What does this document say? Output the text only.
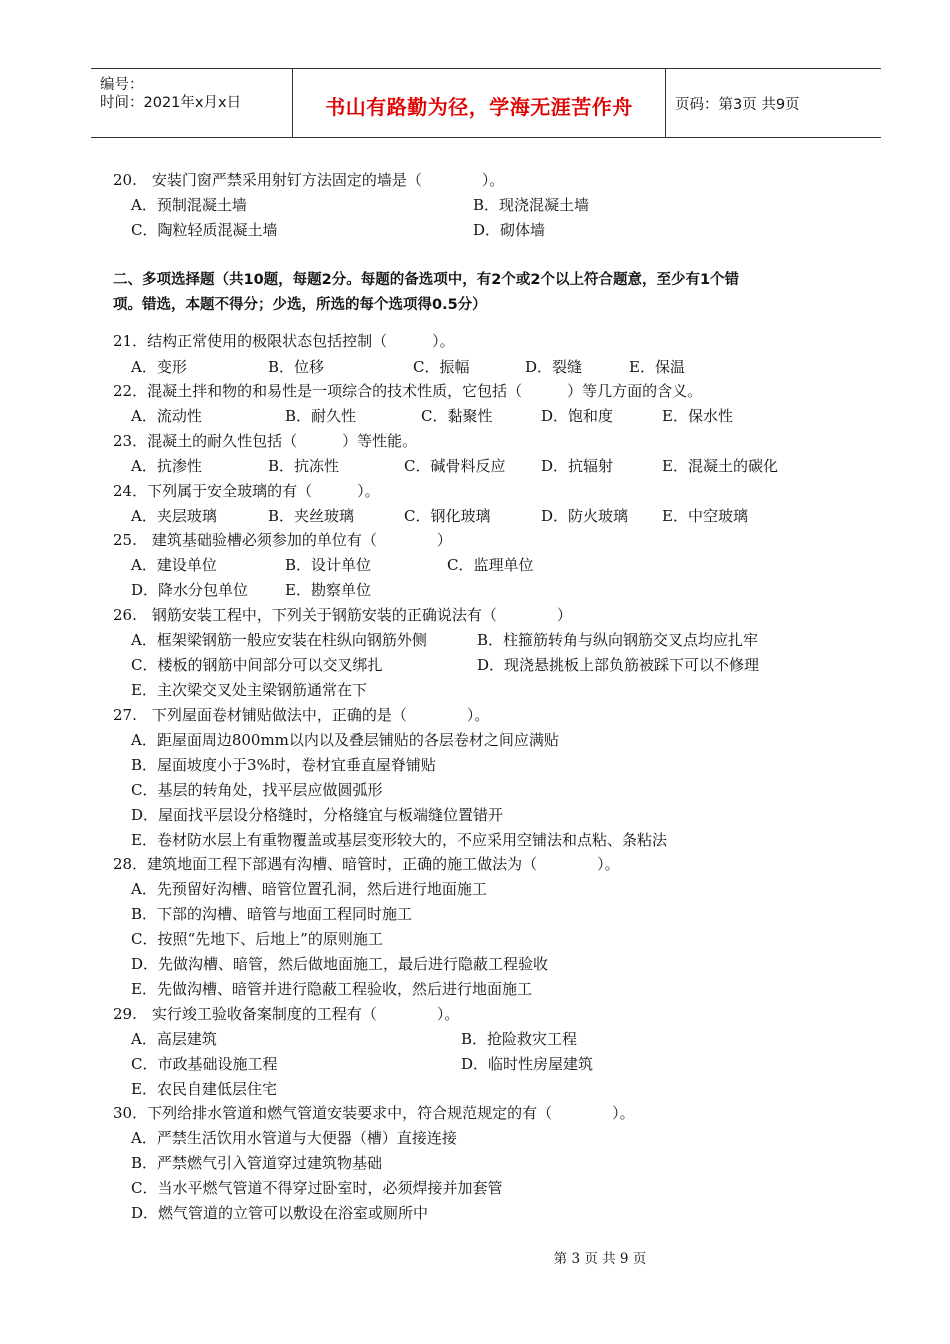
编号：
时间：2021年x月x日	书山有路勤为径，学海无涯苦作舟	页码：第3页 共9页
20.　安装门窗严禁采用射钉方法固定的墙是（　　　　）。
A．预制混凝土墙	B．现浇混凝土墙
C．陶粒轻质混凝土墙	D．砌体墙
二、多项选择题（共10题，每题2分。每题的备选项中，有2个或2个以上符合题意，至少有1个错
项。错选，本题不得分；少选，所选的每个选项得0.5分）
21．结构正常使用的极限状态包括控制（　　　）。
A．变形	B．位移	C．振幅	D．裂缝	E．保温
22．混凝土拌和物的和易性是一项综合的技术性质，它包括（　　　）等几方面的含义。
A．流动性	B．耐久性	C．黏聚性	D．饱和度	E．保水性
23．混凝土的耐久性包括（　　　）等性能。
A．抗渗性	B．抗冻性	C．碱骨料反应 D．抗辐射	E．混凝土的碳化
24．下列属于安全玻璃的有（　　　）。
A．夹层玻璃	B．夹丝玻璃	C．钢化玻璃	D．防火玻璃 E．中空玻璃
25.　建筑基础验槽必须参加的单位有（　　　　）
A．建设单位	B．设计单位	C．监理单位
D．降水分包单位 E．勘察单位
26.　钢筋安装工程中，下列关于钢筋安装的正确说法有（　　　　）
A．框架梁钢筋一般应安装在柱纵向钢筋外侧	B．柱箍筋转角与纵向钢筋交叉点均应扎牢
C．楼板的钢筋中间部分可以交叉绑扎	D．现浇悬挑板上部负筋被踩下可以不修理
E．主次梁交叉处主梁钢筋通常在下
27.　下列屋面卷材铺贴做法中，正确的是（　　　　）。
A．距屋面周边800mm以内以及叠层铺贴的各层卷材之间应满贴
B．屋面坡度小于3%时，卷材宜垂直屋脊铺贴
C．基层的转角处，找平层应做圆弧形
D．屋面找平层设分格缝时，分格缝宜与板端缝位置错开
E．卷材防水层上有重物覆盖或基层变形较大的，不应采用空铺法和点粘、条粘法
28．建筑地面工程下部遇有沟槽、暗管时，正确的施工做法为（　　　　）。
A．先预留好沟槽、暗管位置孔洞，然后进行地面施工
B．下部的沟槽、暗管与地面工程同时施工
C．按照“先地下、后地上”的原则施工
D．先做沟槽、暗管，然后做地面施工，最后进行隐蔽工程验收
E．先做沟槽、暗管并进行隐蔽工程验收，然后进行地面施工
29.　实行竣工验收备案制度的工程有（　　　　）。
A．高层建筑	B．抢险救灾工程
C．市政基础设施工程	D．临时性房屋建筑
E．农民自建低层住宅
30．下列给排水管道和燃气管道安装要求中，符合规范规定的有（　　　　）。
A．严禁生活饮用水管道与大便器（槽）直接连接
B．严禁燃气引入管道穿过建筑物基础
C．当水平燃气管道不得穿过卧室时，必须焊接并加套管
D．燃气管道的立管可以敷设在浴室或厕所中
第 3 页 共 9 页
